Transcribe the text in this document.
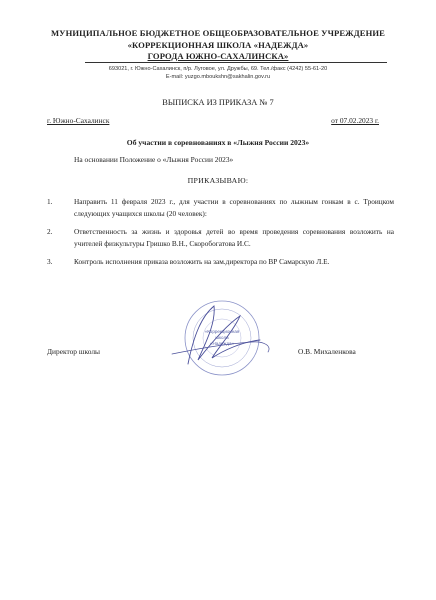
МУНИЦИПАЛЬНОЕ БЮДЖЕТНОЕ ОБЩЕОБРАЗОВАТЕЛЬНОЕ УЧРЕЖДЕНИЕ
«КОРРЕКЦИОННАЯ ШКОЛА «НАДЕЖДА»
ГОРОДА ЮЖНО-САХАЛИНСКА»
693021, г. Южно-Сахалинск, п/р. Луговое, ул. Дружбы, 69. Тел./факс (4242) 55-61-20
E-mail: yuzgo.mboukshn@sakhalin.gov.ru
ВЫПИСКА ИЗ ПРИКАЗА № 7
г. Южно-Сахалинск	от 07.02.2023 г.
Об участии в соревнованиях в «Лыжня России 2023»
На основании Положение о «Лыжня России 2023»
ПРИКАЗЫВАЮ:
1.	Направить 11 февраля 2023 г., для участии в соревнованиях по лыжным гонкам в с. Троицком следующих учащихся школы (20 человек):
2.	Ответственность за жизнь и здоровья детей во время проведения соревнования возложить на учителей физкультуры Гришко В.Н., Скоробогатова И.С.
3.	Контроль исполнения приказа возложить на зам.директора по ВР Самарскую Л.Е.
«Коррекционная
школа
«Надежда»
Директор школы	О.В. Михаленкова
